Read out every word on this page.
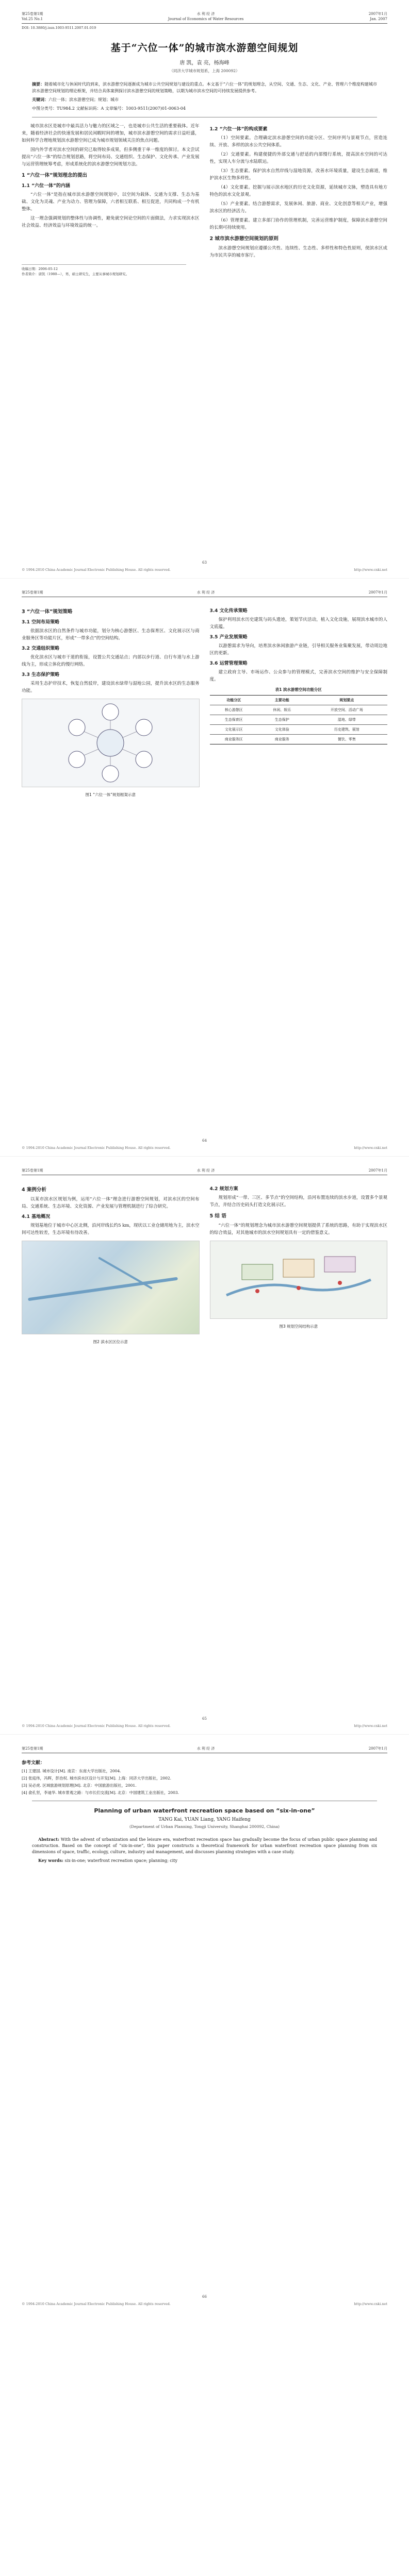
第25卷第1期
Vol.25 No.1
水 利 经 济
Journal of Economics of Water Resources
2007年1月
Jan. 2007
DOI: 10.3880/j.issn.1003-9511.2007.01.019
基于“六位一体”的城市滨水游憩空间规划
唐 凯，袁 亮，杨海峰
（同济大学城市规划系，上海 200092）

摘要：随着城市化与休闲时代的到来，滨水游憩空间逐渐成为城市公共空间规划与建设的重点。本文基于“六位一体”的规划理念，从空间、交通、生态、文化、产业、管理六个维度构建城市滨水游憩空间规划的理论框架，并结合具体案例探讨滨水游憩空间的规划策略，以期为城市滨水空间的可持续发展提供参考。

关键词：六位一体；滨水游憩空间；规划；城市

中图分类号：TU984.2 文献标识码：A 文章编号：1003-9511(2007)01-0063-04

城市滨水区是城市中最具活力与魅力的区域之一，也是城市公共生活的重要载体。近年来，随着经济社会的快速发展和居民闲暇时间的增加，城市滨水游憩空间的需求日益旺盛，如何科学合理地规划滨水游憩空间已成为城市规划领域关注的焦点问题。

国内外学者对滨水空间的研究已取得较多成果，但多侧重于单一维度的探讨。本文尝试提出“六位一体”的综合规划思路，将空间布局、交通组织、生态保护、文化传承、产业发展与运营管理统筹考虑，形成系统化的滨水游憩空间规划方法。

1 “六位一体”规划理念的提出
1.1 “六位一体”的内涵

“六位一体”是指在城市滨水游憩空间规划中，以空间为载体、交通为支撑、生态为基础、文化为灵魂、产业为动力、管理为保障，六者相互联系、相互促进，共同构成一个有机整体。

这一理念强调规划的整体性与协调性，避免就空间论空间的片面做法，力求实现滨水区社会效益、经济效益与环境效益的统一。

1.2 “六位一体”的构成要素

（1）空间要素。合理确定滨水游憩空间的功能分区、空间序列与景观节点，营造连续、开放、多样的滨水公共空间体系。

（2）交通要素。构建便捷的外部交通与舒适的内部慢行系统，提高滨水空间的可达性，实现人车分流与水陆联运。

（3）生态要素。保护滨水自然岸线与湿地资源，改善水环境质量，建设生态廊道，维护滨水区生物多样性。

（4）文化要素。挖掘与展示滨水地区的历史文化资源，延续城市文脉，塑造具有地方特色的滨水文化景观。

（5）产业要素。结合游憩需求，发展休闲、旅游、商业、文化创意等相关产业，增强滨水区的经济活力。

（6）管理要素。建立多部门协作的管理机制，完善运营维护制度，保障滨水游憩空间的长期可持续使用。

2 城市滨水游憩空间规划的原则

滨水游憩空间规划应遵循公共性、连续性、生态性、多样性和特色性原则，使滨水区成为市民共享的城市客厅。

收稿日期：2006-05-12
作者简介：唐凯（1980—），男，硕士研究生，主要从事城市规划研究。
63
© 1994-2010 China Academic Journal Electronic Publishing House. All rights reserved.	http://www.cnki.net
第25卷第1期	水 利 经 济	2007年1月
3 “六位一体”规划策略
3.1 空间布局策略

依据滨水区的自然条件与城市功能，划分为核心游憩区、生态保育区、文化展示区与商业服务区等功能片区，形成“一带多点”的空间结构。

3.2 交通组织策略

优化滨水区与城市干道的衔接，设置公共交通站点；内部以步行道、自行车道与水上游线为主，形成立体化的慢行网络。

3.3 生态保护策略

采用生态护岸技术，恢复自然驳岸，建设滨水绿带与湿地公园，提升滨水区的生态服务功能。

图1 “六位一体”规划框架示意
3.4 文化传承策略

保护利用滨水历史建筑与码头遗迹，策划节庆活动，植入文化设施，展现滨水城市的人文底蕴。

3.5 产业发展策略

以游憩需求为导向，培育滨水休闲旅游产业链，引导相关服务业集聚发展，带动周边地区的更新。

3.6 运营管理策略

建立政府主导、市场运作、公众参与的管理模式，完善滨水空间的维护与安全保障制度。

表1 滨水游憩空间功能分区
功能分区	主要功能	规划要点
核心游憩区	休闲、娱乐	开放空间、活动广场
生态保育区	生态保护	湿地、绿带
文化展示区	文化体验	历史建筑、展馆
商业服务区	商业服务	餐饮、零售
64
© 1994-2010 China Academic Journal Electronic Publishing House. All rights reserved.	http://www.cnki.net
第25卷第1期	水 利 经 济	2007年1月
4 案例分析

以某市滨水区规划为例，运用“六位一体”理念进行游憩空间规划，对滨水区的空间布局、交通系统、生态环境、文化资源、产业发展与管理机制进行了综合研究。

4.1 基地概况

规划基地位于城市中心区北侧，沿河岸线长约5 km，现状以工业仓储用地为主，滨水空间可达性较差，生态环境有待改善。

图2 滨水区区位示意
4.2 规划方案

规划形成“一带、三区、多节点”的空间结构，沿河布置连续的滨水步道，设置多个景观节点，并结合历史码头打造文化展示区。

5 结 语

“六位一体”的规划理念为城市滨水游憩空间规划提供了系统的思路，有助于实现滨水区的综合效益，对其他城市的滨水空间规划具有一定的借鉴意义。

图3 规划空间结构示意
65
© 1994-2010 China Academic Journal Electronic Publishing House. All rights reserved.	http://www.cnki.net
第25卷第1期	水 利 经 济	2007年1月
参考文献：
[1] 王建国. 城市设计[M]. 南京：东南大学出版社，2004.
[2] 张庭伟，冯晖，彭治权. 城市滨水区设计与开发[M]. 上海：同济大学出版社，2002.
[3] 吴必虎. 区域旅游规划原理[M]. 北京：中国旅游出版社，2001.
[4] 俞孔坚，李迪华. 城市景观之路：与市长们交流[M]. 北京：中国建筑工业出版社，2003.
Planning of urban waterfront recreation space based on “six-in-one”
TANG Kai, YUAN Liang, YANG Haifeng
(Department of Urban Planning, Tongji University, Shanghai 200092, China)

Abstract: With the advent of urbanization and the leisure era, waterfront recreation space has gradually become the focus of urban public space planning and construction. Based on the concept of “six-in-one”, this paper constructs a theoretical framework for urban waterfront recreation space planning from six dimensions of space, traffic, ecology, culture, industry and management, and discusses planning strategies with a case study.

Key words: six-in-one; waterfront recreation space; planning; city

66
© 1994-2010 China Academic Journal Electronic Publishing House. All rights reserved.	http://www.cnki.net
